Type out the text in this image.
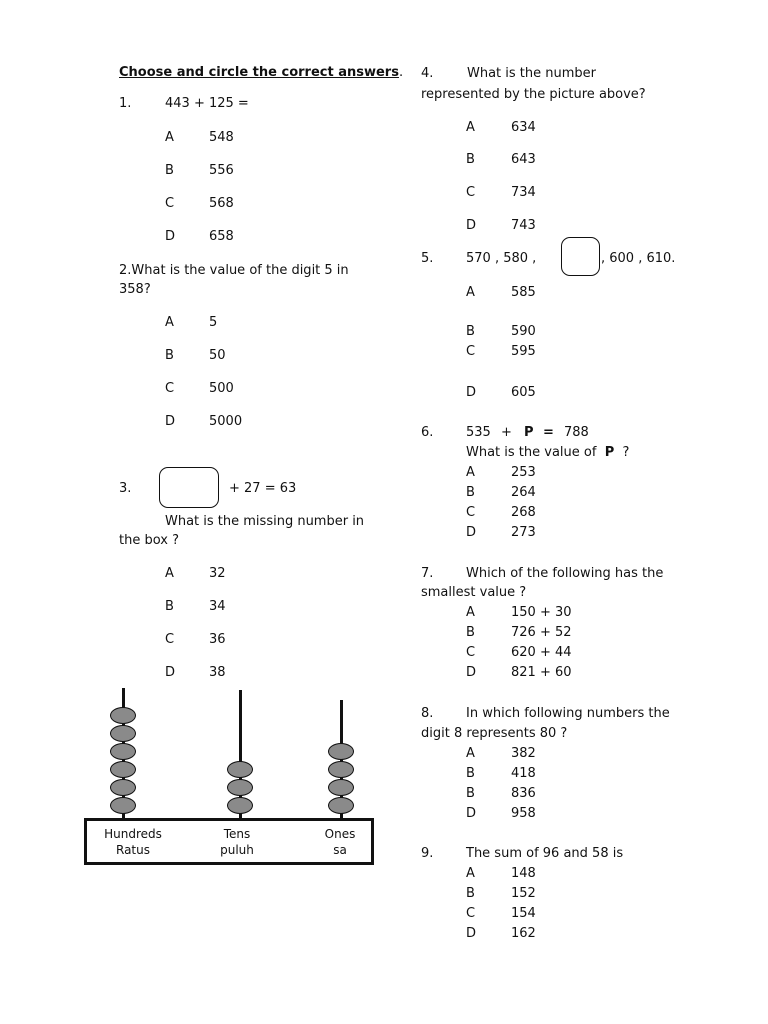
Choose and circle the correct answers.
1.	443 + 125 =
A	548
B	556
C	568
D	658
2.What is the value of the digit 5 in
358?
A	5
B	50
C	500
D	5000
3.	+ 27 = 63
What is the missing number in
the box ?
A	32
B	34
C	36
D	38
Hundreds
Ratus
Tens
puluh
Ones
sa
4.	What is the number
represented by the picture above?
A	634
B	643
C	734
D	743
5.	570 , 580 ,	, 600 , 610.
A	585
B	590
C	595
D	605
6.	535 + P = 788
What is the value of P ?
A	253
B	264
C	268
D	273
7.	Which of the following has the
smallest value ?
A	150 + 30
B	726 + 52
C	620 + 44
D	821 + 60
8.	In which following numbers the
digit 8 represents 80 ?
A	382
B	418
B	836
D	958
9.	The sum of 96 and 58 is
A	148
B	152
C	154
D	162
